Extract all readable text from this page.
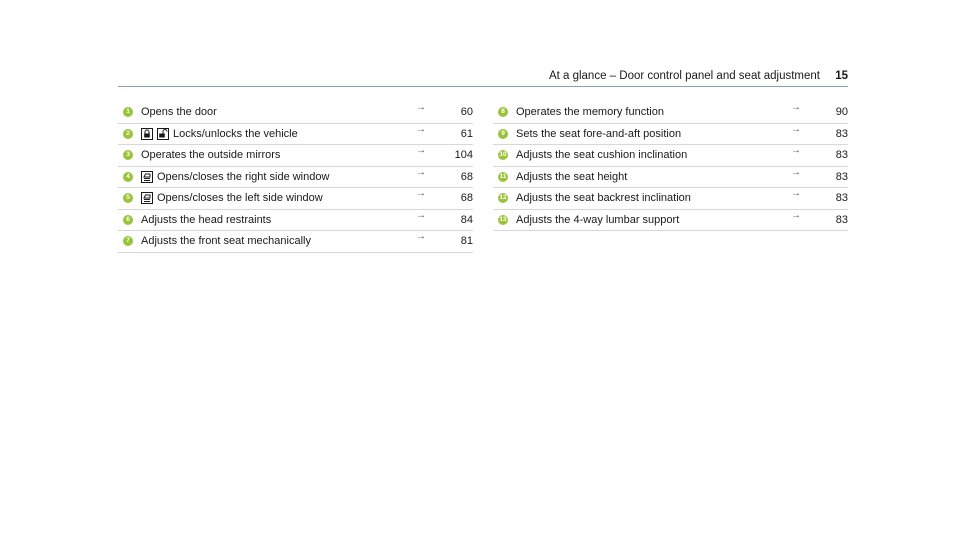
At a glance – Door control panel and seat adjustment 15
1 Opens the door	→	60
2	Locks/unlocks the vehicle	→	61
3 Operates the outside mirrors	→	104
4 Opens/closes the right side window	→	68
5 Opens/closes the left side window	→	68
6 Adjusts the head restraints	→	84
7 Adjusts the front seat mechanically	→	81
8 Operates the memory function	→	90
9 Sets the seat fore-and-aft position	→	83
10 Adjusts the seat cushion inclination	→	83
11 Adjusts the seat height	→	83
12 Adjusts the seat backrest inclination	→	83
13 Adjusts the 4-way lumbar support	→	83
